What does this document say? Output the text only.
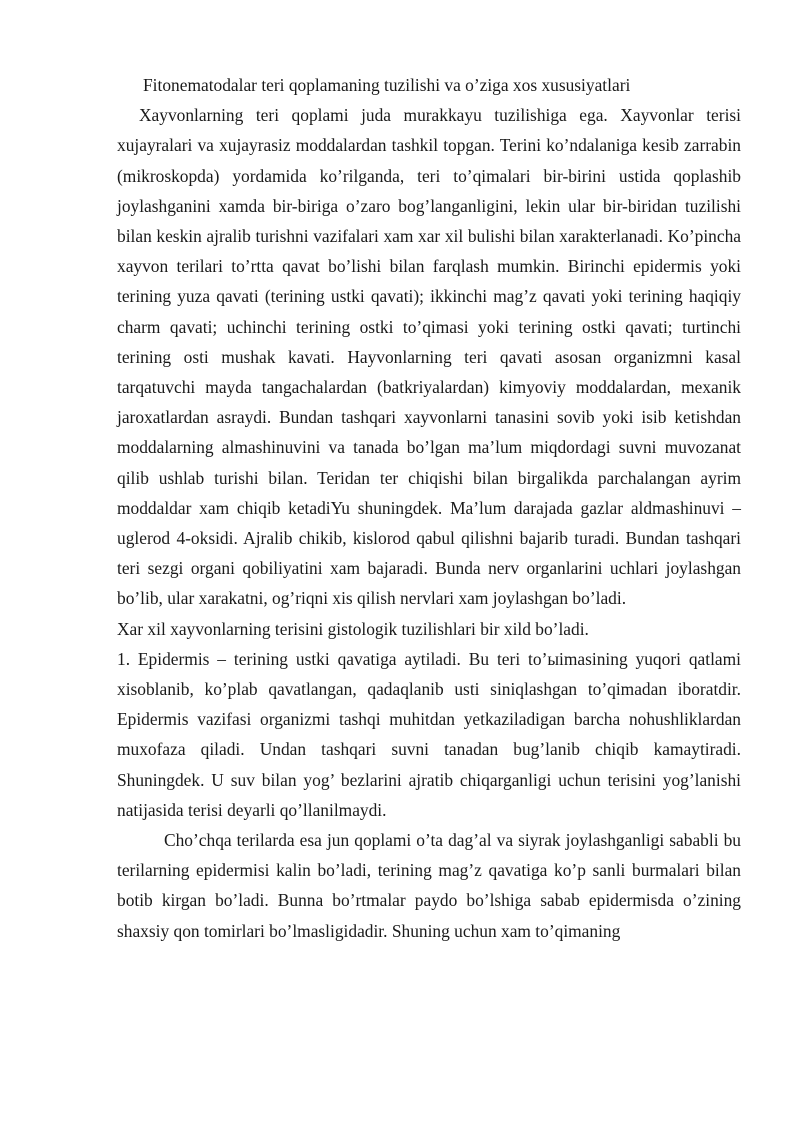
Fitonematodalar teri qoplamaning tuzilishi va o’ziga xos xususiyatlari

Xayvonlarning teri qoplami juda murakkayu tuzilishiga ega. Xayvonlar terisi xujayralari va xujayrasiz moddalardan tashkil topgan. Terini ko’ndalaniga kesib zarrabin (mikroskopda) yordamida ko’rilganda, teri to’qimalari bir-birini ustida qoplashib joylashganini xamda bir-biriga o’zaro bog’langanligini, lekin ular bir-biridan tuzilishi bilan keskin ajralib turishni vazifalari xam xar xil bulishi bilan xarakterlanadi. Ko’pincha xayvon terilari to’rtta qavat bo’lishi bilan farqlash mumkin. Birinchi epidermis yoki terining yuza qavati (terining ustki qavati); ikkinchi mag’z qavati yoki terining haqiqiy charm qavati; uchinchi terining ostki to’qimasi yoki terining ostki qavati; turtinchi terining osti mushak kavati. Hayvonlarning teri qavati asosan organizmni kasal tarqatuvchi mayda tangachalardan (batkriyalardan) kimyoviy moddalardan, mexanik jaroxatlardan asraydi. Bundan tashqari xayvonlarni tanasini sovib yoki isib ketishdan moddalarning almashinuvini va tanada bo’lgan ma’lum miqdordagi suvni muvozanat qilib ushlab turishi bilan. Teridan ter chiqishi bilan birgalikda parchalangan ayrim moddaldar xam chiqib ketadiYu shuningdek. Ma’lum darajada gazlar aldmashinuvi – uglerod 4-oksidi. Ajralib chikib, kislorod qabul qilishni bajarib turadi. Bundan tashqari teri sezgi organi qobiliyatini xam bajaradi. Bunda nerv organlarini uchlari joylashgan bo’lib, ular xarakatni, og’riqni xis qilish nervlari xam joylashgan bo’ladi.

Xar xil xayvonlarning terisini gistologik tuzilishlari bir xild bo’ladi.

1. Epidermis – terining ustki qavatiga aytiladi. Bu teri to’ыimasining yuqori qatlami xisoblanib, ko’plab qavatlangan, qadaqlanib usti siniqlashgan to’qimadan iboratdir. Epidermis vazifasi organizmi tashqi muhitdan yetkaziladigan barcha nohushliklardan muxofaza qiladi. Undan tashqari suvni tanadan bug’lanib chiqib kamaytiradi. Shuningdek. U suv bilan yog’ bezlarini ajratib chiqarganligi uchun terisini yog’lanishi natijasida terisi deyarli qo’llanilmaydi.

Cho’chqa terilarda esa jun qoplami o’ta dag’al va siyrak joylashganligi sababli bu terilarning epidermisi kalin bo’ladi, terining mag’z qavatiga ko’p sanli burmalari bilan botib kirgan bo’ladi. Bunna bo’rtmalar paydo bo’lshiga sabab epidermisda o’zining shaxsiy qon tomirlari bo’lmasligidadir. Shuning uchun xam to’qimaning
